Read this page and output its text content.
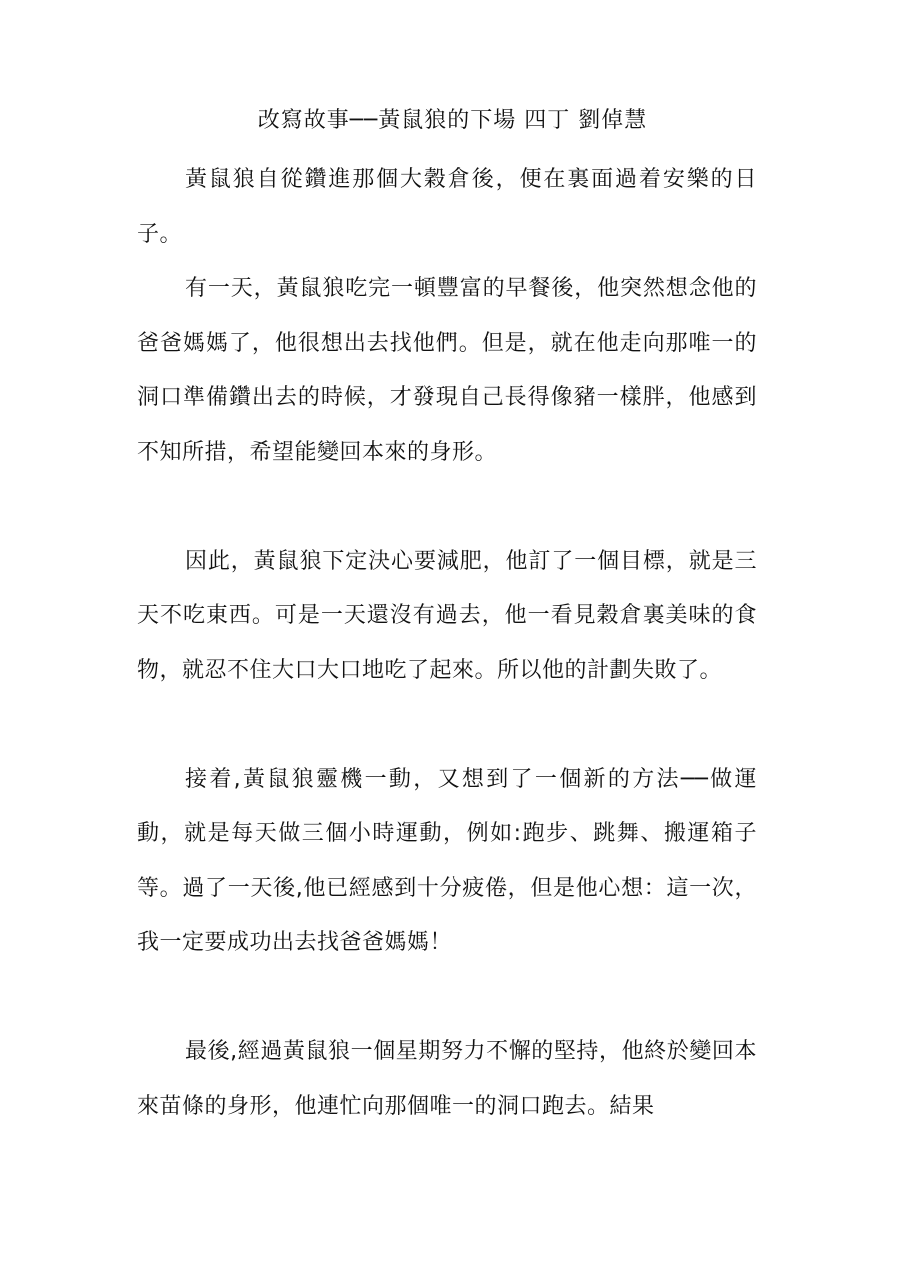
改寫故事──黃鼠狼的下場 四丁 劉倬慧

黃鼠狼自從鑽進那個大穀倉後，便在裏面過着安樂的日子。

有一天，黃鼠狼吃完一頓豐富的早餐後，他突然想念他的爸爸媽媽了，他很想出去找他們。但是，就在他走向那唯一的洞口準備鑽出去的時候，才發現自己長得像豬一樣胖，他感到不知所措，希望能變回本來的身形。

因此，黃鼠狼下定決心要減肥，他訂了一個目標，就是三天不吃東西。可是一天還沒有過去，他一看見穀倉裏美味的食物，就忍不住大口大口地吃了起來。所以他的計劃失敗了。

接着,黃鼠狼靈機一動，又想到了一個新的方法──做運動，就是每天做三個小時運動，例如:跑步、跳舞、搬運箱子等。過了一天後,他已經感到十分疲倦，但是他心想：這一次，我一定要成功出去找爸爸媽媽！

最後,經過黃鼠狼一個星期努力不懈的堅持，他終於變回本來苗條的身形，他連忙向那個唯一的洞口跑去。結果
